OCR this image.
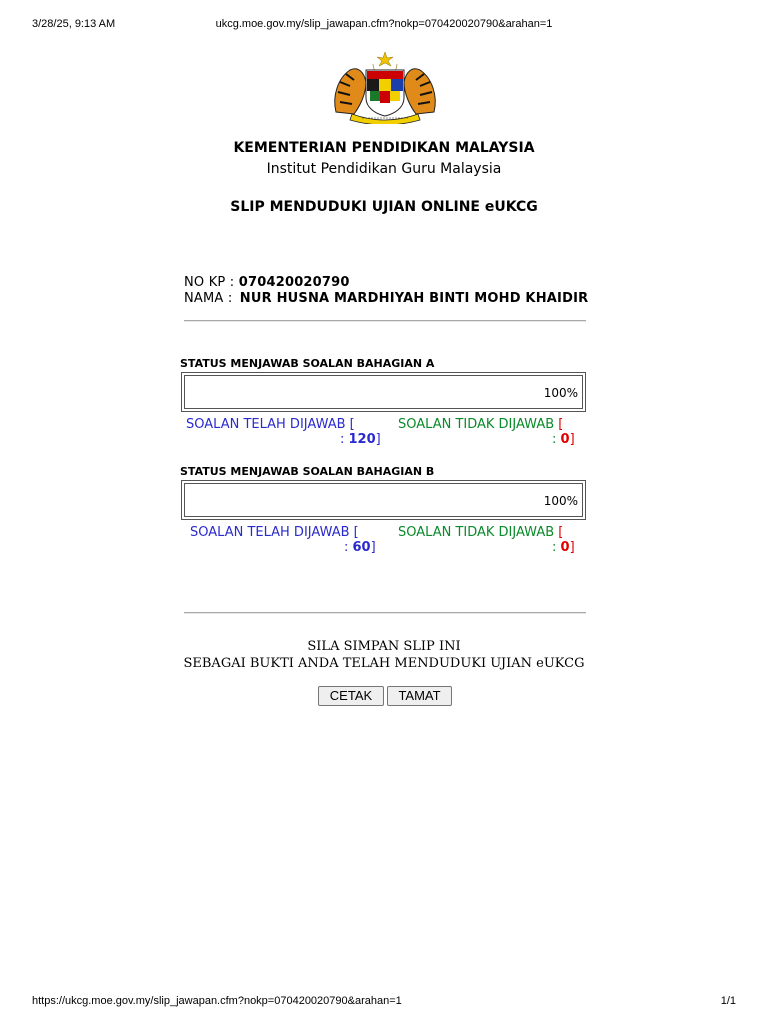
3/28/25, 9:13 AM	ukcg.moe.gov.my/slip_jawapan.cfm?nokp=070420020790&arahan=1
KEMENTERIAN PENDIDIKAN MALAYSIA
Institut Pendidikan Guru Malaysia
SLIP MENDUDUKI UJIAN ONLINE eUKCG
NO KP : 070420020790
NAMA : NUR HUSNA MARDHIYAH BINTI MOHD KHAIDIR
STATUS MENJAWAB SOALAN BAHAGIAN A
100%
SOALAN TELAH DIJAWAB [
: 120]
SOALAN TIDAK DIJAWAB [
: 0]
STATUS MENJAWAB SOALAN BAHAGIAN B
100%
SOALAN TELAH DIJAWAB [
: 60]
SOALAN TIDAK DIJAWAB [
: 0]
SILA SIMPAN SLIP INI
SEBAGAI BUKTI ANDA TELAH MENDUDUKI UJIAN eUKCG
CETAK	TAMAT
https://ukcg.moe.gov.my/slip_jawapan.cfm?nokp=070420020790&arahan=1	1/1
